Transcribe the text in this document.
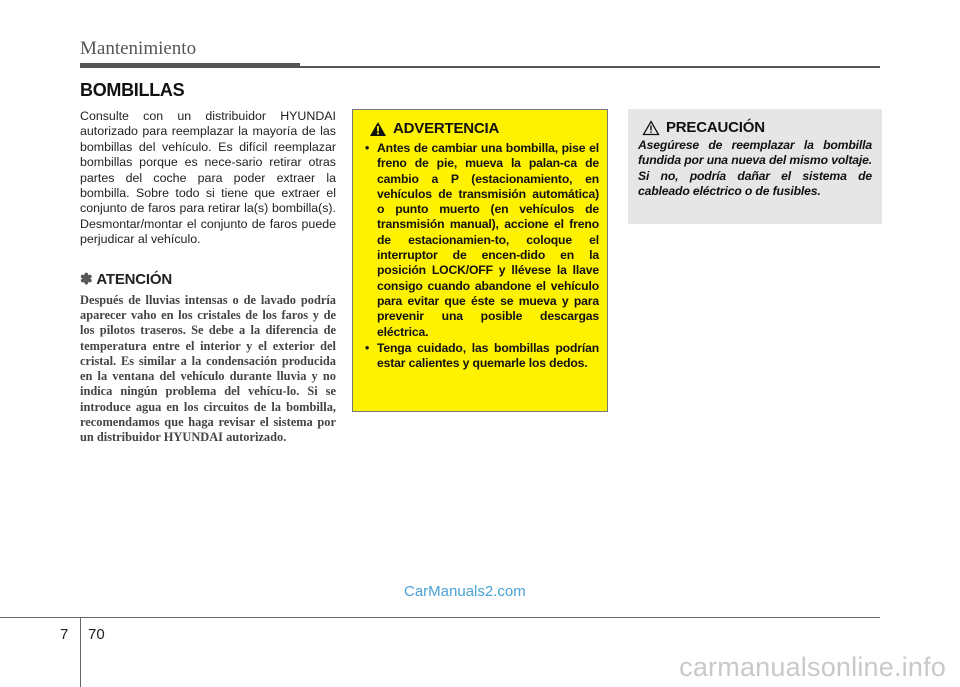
Mantenimiento
BOMBILLAS

Consulte con un distribuidor HYUNDAI autorizado para reemplazar la mayoría de las bombillas del vehículo. Es difícil reemplazar bombillas porque es nece-sario retirar otras partes del coche para poder extraer la bombilla. Sobre todo si tiene que extraer el conjunto de faros para retirar la(s) bombilla(s). Desmontar/montar el conjunto de faros puede perjudicar al vehículo.

✽ ATENCIÓN
Después de lluvias intensas o de lavado podría aparecer vaho en los cristales de los faros y de los pilotos traseros. Se debe a la diferencia de temperatura entre el interior y el exterior del cristal. Es similar a la condensación producida en la ventana del vehículo durante lluvia y no indica ningún problema del vehícu-lo. Si se introduce agua en los circuitos de la bombilla, recomendamos que haga revisar el sistema por un distribuidor HYUNDAI autorizado.
ADVERTENCIA
• Antes de cambiar una bombilla, pise el freno de pie, mueva la palan-ca de cambio a P (estacionamiento, en vehículos de transmisión automática) o punto muerto (en vehículos de transmisión manual), accione el freno de estacionamien-to, coloque el interruptor de encen-dido en la posición LOCK/OFF y llévese la llave consigo cuando abandone el vehículo para evitar que éste se mueva y para prevenir una posible descargas eléctrica.
• Tenga cuidado, las bombillas podrían estar calientes y quemarle los dedos.
PRECAUCIÓN
Asegúrese de reemplazar la bombilla fundida por una nueva del mismo voltaje. Si no, podría dañar el sistema de cableado eléctrico o de fusibles.
CarManuals2.com
7 70
carmanualsonline.info
